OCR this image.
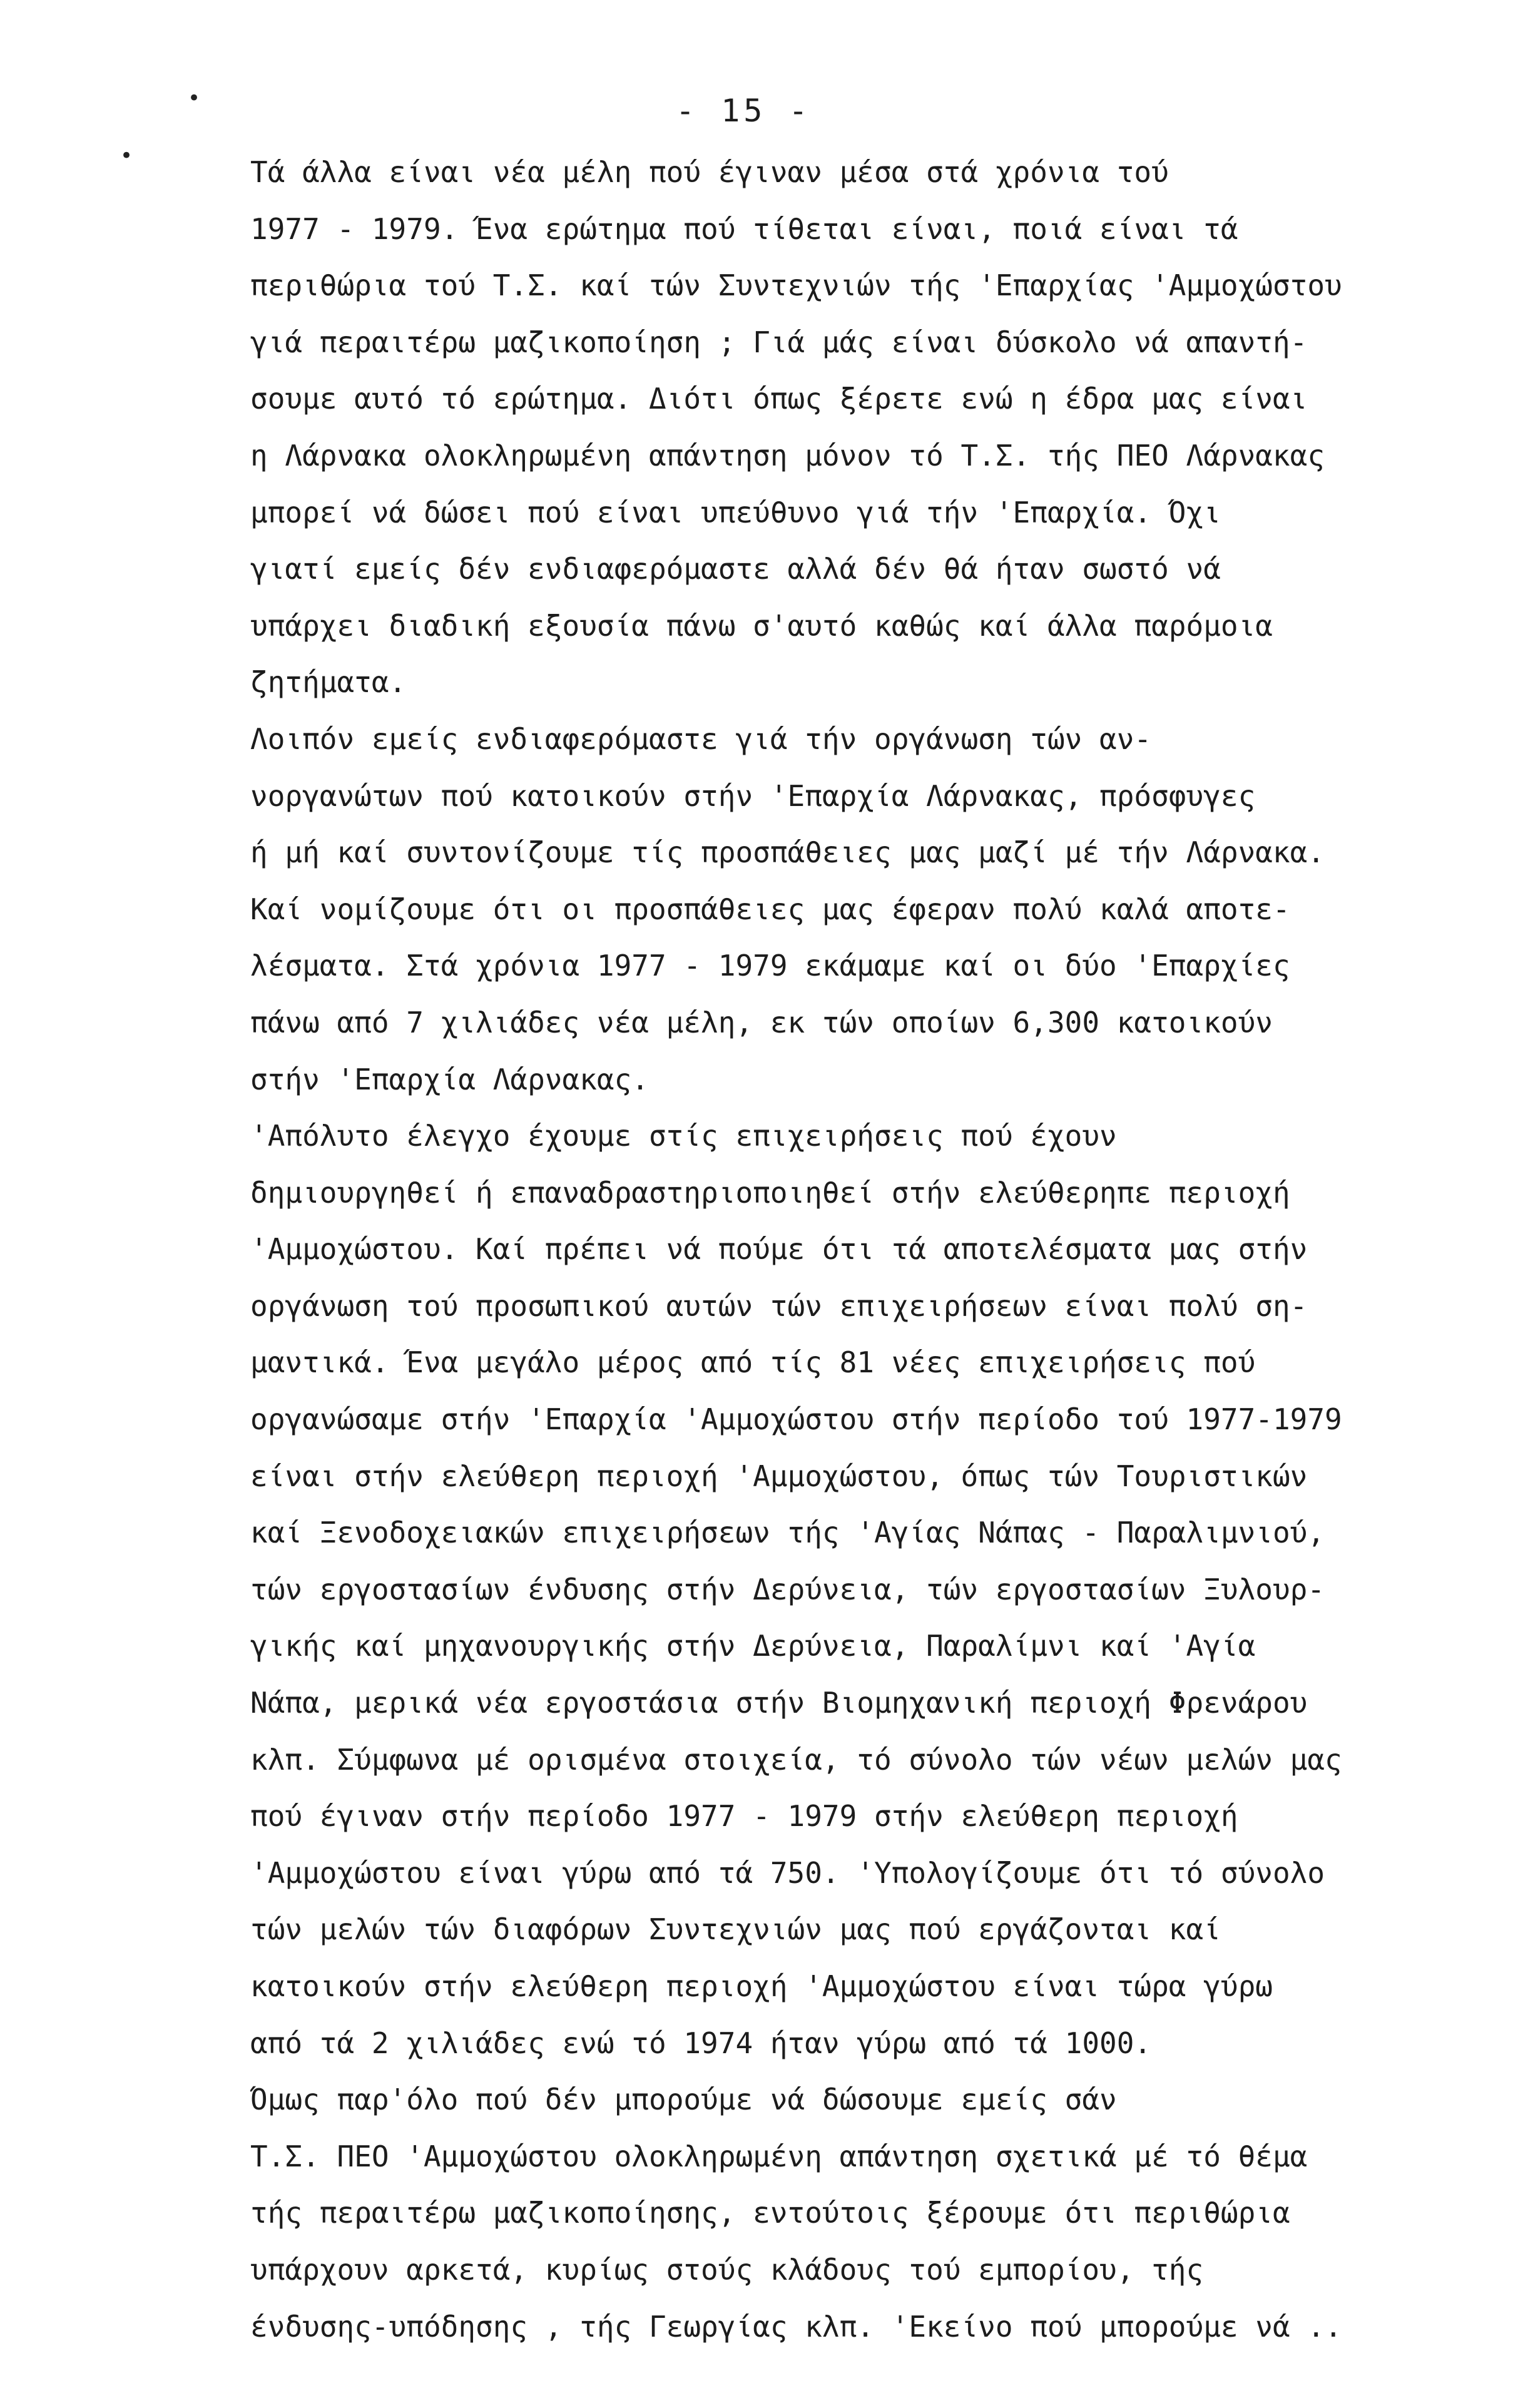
•
•
- 15 -
Τά άλλα είναι νέα μέλη πού έγιναν μέσα στά χρόνια τού
1977 - 1979. Ένα ερώτημα πού τίθεται είναι, ποιά είναι τά
περιθώρια τού Τ.Σ. καί τών Συντεχνιών τής 'Επαρχίας 'Αμμοχώστου
γιά περαιτέρω μαζικοποίηση ; Γιά μάς είναι δύσκολο νά απαντή-
σουμε αυτό τό ερώτημα. Διότι όπως ξέρετε ενώ η έδρα μας είναι
η Λάρνακα ολοκληρωμένη απάντηση μόνον τό Τ.Σ. τής ΠΕΟ Λάρνακας
μπορεί νά δώσει πού είναι υπεύθυνο γιά τήν 'Επαρχία. Όχι
γιατί εμείς δέν ενδιαφερόμαστε αλλά δέν θά ήταν σωστό νά
υπάρχει διαδική εξουσία πάνω σ'αυτό καθώς καί άλλα παρόμοια
ζητήματα.
Λοιπόν εμείς ενδιαφερόμαστε γιά τήν οργάνωση τών αν-
νοργανώτων πού κατοικούν στήν 'Επαρχία Λάρνακας, πρόσφυγες
ή μή καί συντονίζουμε τίς προσπάθειες μας μαζί μέ τήν Λάρνακα.
Καί νομίζουμε ότι οι προσπάθειες μας έφεραν πολύ καλά αποτε-
λέσματα. Στά χρόνια 1977 - 1979 εκάμαμε καί οι δύο 'Επαρχίες
πάνω από 7 χιλιάδες νέα μέλη, εκ τών οποίων 6,300 κατοικούν
στήν 'Επαρχία Λάρνακας.
'Απόλυτο έλεγχο έχουμε στίς επιχειρήσεις πού έχουν
δημιουργηθεί ή επαναδραστηριοποιηθεί στήν ελεύθερηπε περιοχή
'Αμμοχώστου. Καί πρέπει νά πούμε ότι τά αποτελέσματα μας στήν
οργάνωση τού προσωπικού αυτών τών επιχειρήσεων είναι πολύ ση-
μαντικά. Ένα μεγάλο μέρος από τίς 81 νέες επιχειρήσεις πού
οργανώσαμε στήν 'Επαρχία 'Αμμοχώστου στήν περίοδο τού 1977-1979
είναι στήν ελεύθερη περιοχή 'Αμμοχώστου, όπως τών Τουριστικών
καί Ξενοδοχειακών επιχειρήσεων τής 'Αγίας Νάπας - Παραλιμνιού,
τών εργοστασίων ένδυσης στήν Δερύνεια, τών εργοστασίων Ξυλουρ-
γικής καί μηχανουργικής στήν Δερύνεια, Παραλίμνι καί 'Αγία
Νάπα, μερικά νέα εργοστάσια στήν Βιομηχανική περιοχή Φρενάρου
κλπ. Σύμφωνα μέ ορισμένα στοιχεία, τό σύνολο τών νέων μελών μας
πού έγιναν στήν περίοδο 1977 - 1979 στήν ελεύθερη περιοχή
'Αμμοχώστου είναι γύρω από τά 750. 'Υπολογίζουμε ότι τό σύνολο
τών μελών τών διαφόρων Συντεχνιών μας πού εργάζονται καί
κατοικούν στήν ελεύθερη περιοχή 'Αμμοχώστου είναι τώρα γύρω
από τά 2 χιλιάδες ενώ τό 1974 ήταν γύρω από τά 1000.
Όμως παρ'όλο πού δέν μπορούμε νά δώσουμε εμείς σάν
Τ.Σ. ΠΕΟ 'Αμμοχώστου ολοκληρωμένη απάντηση σχετικά μέ τό θέμα
τής περαιτέρω μαζικοποίησης, εντούτοις ξέρουμε ότι περιθώρια
υπάρχουν αρκετά, κυρίως στούς κλάδους τού εμπορίου, τής
ένδυσης-υπόδησης , τής Γεωργίας κλπ. 'Εκείνο πού μπορούμε νά ..
